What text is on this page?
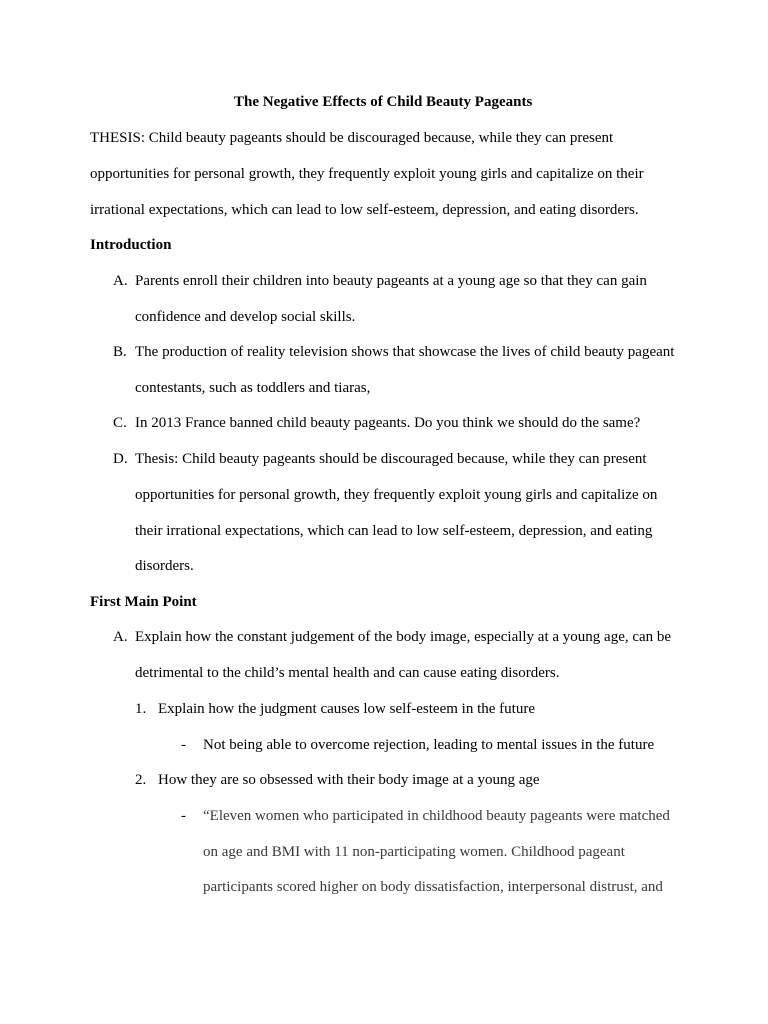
The Negative Effects of Child Beauty Pageants
THESIS: Child beauty pageants should be discouraged because, while they can present
opportunities for personal growth, they frequently exploit young girls and capitalize on their
irrational expectations, which can lead to low self-esteem, depression, and eating disorders.
Introduction
A. Parents enroll their children into beauty pageants at a young age so that they can gain
confidence and develop social skills.
B. The production of reality television shows that showcase the lives of child beauty pageant
contestants, such as toddlers and tiaras,
C. In 2013 France banned child beauty pageants. Do you think we should do the same?
D. Thesis: Child beauty pageants should be discouraged because, while they can present
opportunities for personal growth, they frequently exploit young girls and capitalize on
their irrational expectations, which can lead to low self-esteem, depression, and eating
disorders.
First Main Point
A. Explain how the constant judgement of the body image, especially at a young age, can be
detrimental to the child’s mental health and can cause eating disorders.
1. Explain how the judgment causes low self-esteem in the future
- Not being able to overcome rejection, leading to mental issues in the future
2. How they are so obsessed with their body image at a young age
- “Eleven women who participated in childhood beauty pageants were matched
on age and BMI with 11 non-participating women. Childhood pageant
participants scored higher on body dissatisfaction, interpersonal distrust, and
